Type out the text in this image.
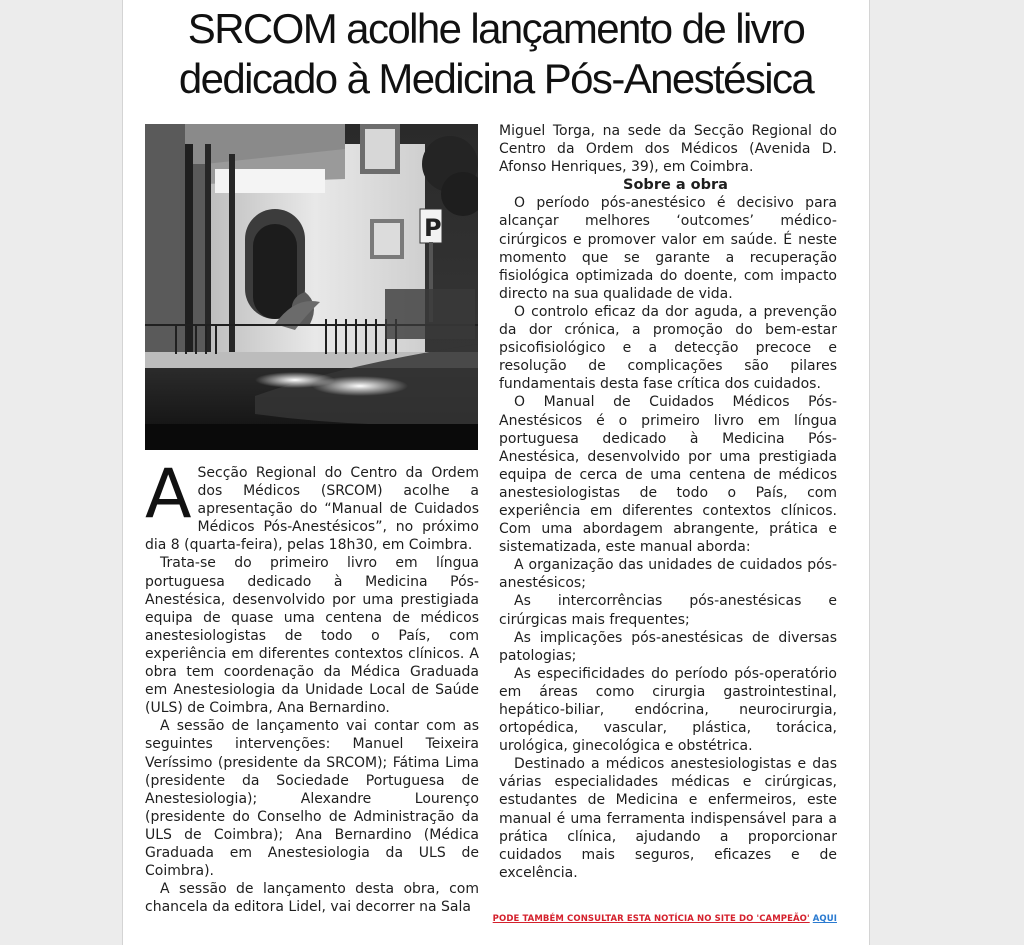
SRCOM acolhe lançamento de livro
dedicado à Medicina Pós-Anestésica
P

A Secção Regional do Centro da Ordem dos Médicos (SRCOM) acolhe a apresentação do “Manual de Cuidados Médicos Pós-Anestésicos”, no próximo dia 8 (quarta-feira), pelas 18h30, em Coimbra.

Trata-se do primeiro livro em língua portuguesa dedicado à Medicina Pós-Anestésica, desenvolvido por uma prestigiada equipa de quase uma centena de médicos anestesiologistas de todo o País, com experiência em diferentes contextos clínicos. A obra tem coordenação da Médica Graduada em Anestesiologia da Unidade Local de Saúde (ULS) de Coimbra, Ana Bernardino.

A sessão de lançamento vai contar com as seguintes intervenções: Manuel Teixeira Veríssimo (presidente da SRCOM); Fátima Lima (presidente da Sociedade Portuguesa de Anestesiologia); Alexandre Lourenço (presidente do Conselho de Administração da ULS de Coimbra); Ana Bernardino (Médica Graduada em Anestesiologia da ULS de Coimbra).

A sessão de lançamento desta obra, com chancela da editora Lidel, vai decorrer na Sala

Miguel Torga, na sede da Secção Regional do Centro da Ordem dos Médicos (Avenida D. Afonso Henriques, 39), em Coimbra.

Sobre a obra

O período pós-anestésico é decisivo para alcançar melhores ‘outcomes’ médico-cirúrgicos e promover valor em saúde. É neste momento que se garante a recuperação fisiológica optimizada do doente, com impacto directo na sua qualidade de vida.

O controlo eficaz da dor aguda, a prevenção da dor crónica, a promoção do bem-estar psicofisiológico e a detecção precoce e resolução de complicações são pilares fundamentais desta fase crítica dos cuidados.

O Manual de Cuidados Médicos Pós-Anestésicos é o primeiro livro em língua portuguesa dedicado à Medicina Pós-Anestésica, desenvolvido por uma prestigiada equipa de cerca de uma centena de médicos anestesiologistas de todo o País, com experiência em diferentes contextos clínicos. Com uma abordagem abrangente, prática e sistematizada, este manual aborda:

A organização das unidades de cuidados pós-anestésicos;

As intercorrências pós-anestésicas e cirúrgicas mais frequentes;

As implicações pós-anestésicas de diversas patologias;

As especificidades do período pós-operatório em áreas como cirurgia gastrointestinal, hepático-biliar, endócrina, neurocirurgia, ortopédica, vascular, plástica, torácica, urológica, ginecológica e obstétrica.

Destinado a médicos anestesiologistas e das várias especialidades médicas e cirúrgicas, estudantes de Medicina e enfermeiros, este manual é uma ferramenta indispensável para a prática clínica, ajudando a proporcionar cuidados mais seguros, eficazes e de excelência.

PODE TAMBÉM CONSULTAR ESTA NOTÍCIA NO SITE DO 'CAMPEÃO' AQUI
